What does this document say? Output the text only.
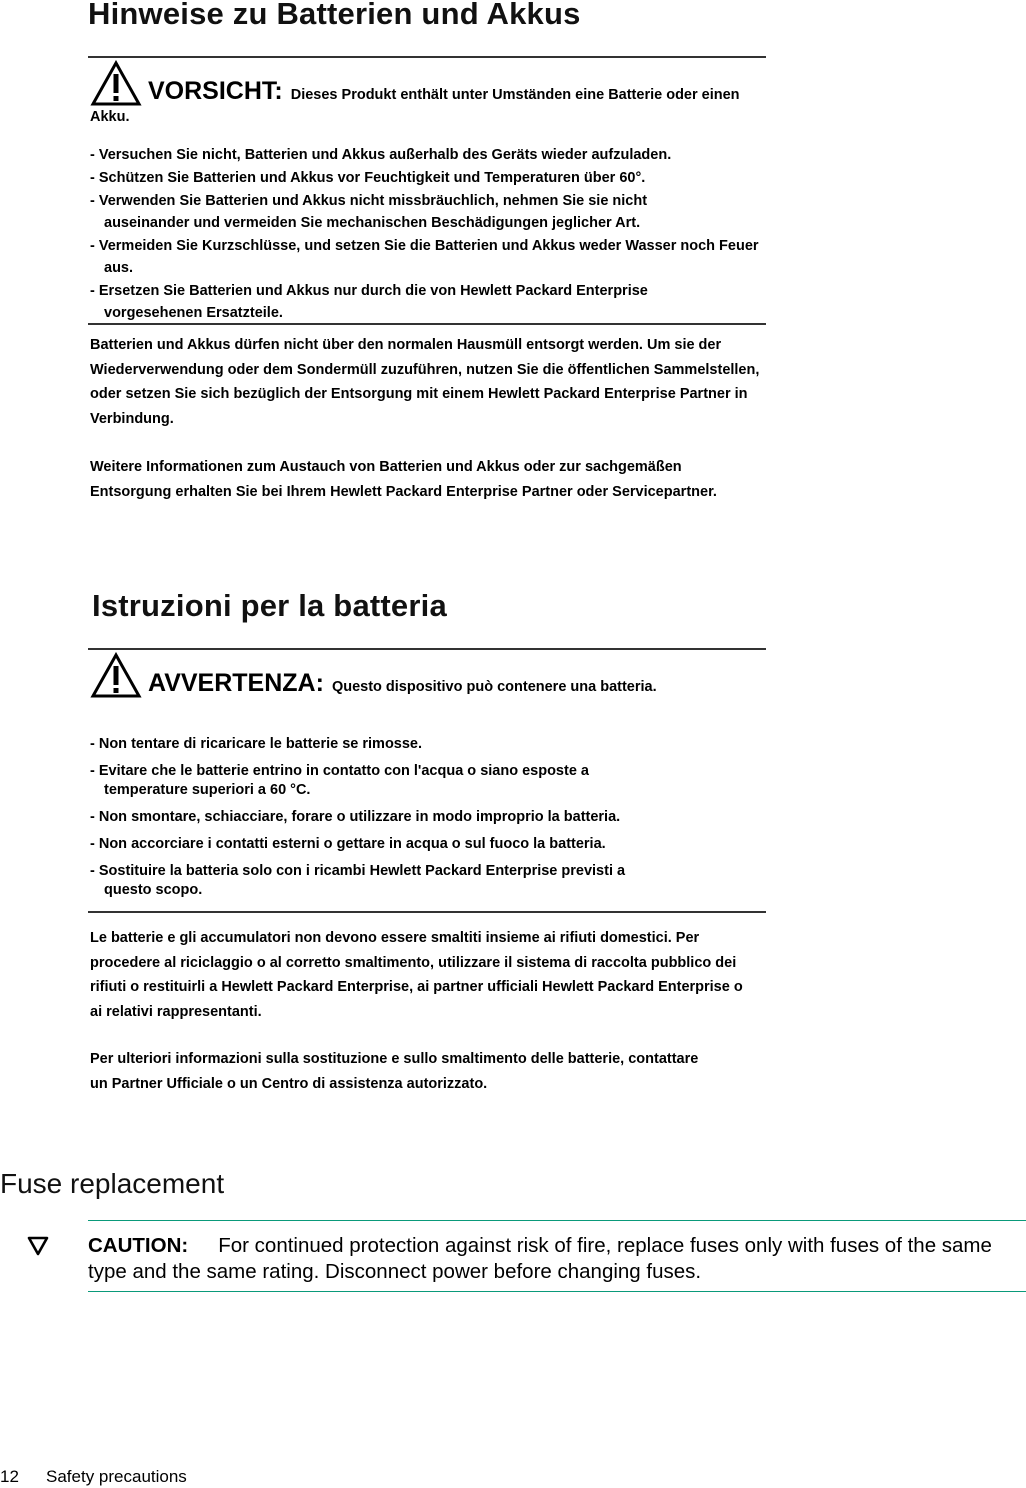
Hinweise zu Batterien und Akkus
VORSICHT: Dieses Produkt enthält unter Umständen eine Batterie oder einen Akku.
- Versuchen Sie nicht, Batterien und Akkus außerhalb des Geräts wieder aufzuladen.
- Schützen Sie Batterien und Akkus vor Feuchtigkeit und Temperaturen über 60°.
- Verwenden Sie Batterien und Akkus nicht missbräuchlich, nehmen Sie sie nicht auseinander und vermeiden Sie mechanischen Beschädigungen jeglicher Art.
- Vermeiden Sie Kurzschlüsse, und setzen Sie die Batterien und Akkus weder Wasser noch Feuer aus.
- Ersetzen Sie Batterien und Akkus nur durch die von Hewlett Packard Enterprise vorgesehenen Ersatzteile.

Batterien und Akkus dürfen nicht über den normalen Hausmüll entsorgt werden. Um sie der Wiederverwendung oder dem Sondermüll zuzuführen, nutzen Sie die öffentlichen Sammelstellen, oder setzen Sie sich bezüglich der Entsorgung mit einem Hewlett Packard Enterprise Partner in Verbindung.

Weitere Informationen zum Austauch von Batterien und Akkus oder zur sachgemäßen Entsorgung erhalten Sie bei Ihrem Hewlett Packard Enterprise Partner oder Servicepartner.

Istruzioni per la batteria
AVVERTENZA: Questo dispositivo può contenere una batteria.
- Non tentare di ricaricare le batterie se rimosse.
- Evitare che le batterie entrino in contatto con l'acqua o siano esposte a temperature superiori a 60 °C.
- Non smontare, schiacciare, forare o utilizzare in modo improprio la batteria.
- Non accorciare i contatti esterni o gettare in acqua o sul fuoco la batteria.
- Sostituire la batteria solo con i ricambi Hewlett Packard Enterprise previsti a questo scopo.

Le batterie e gli accumulatori non devono essere smaltiti insieme ai rifiuti domestici. Per procedere al riciclaggio o al corretto smaltimento, utilizzare il sistema di raccolta pubblico dei rifiuti o restituirli a Hewlett Packard Enterprise, ai partner ufficiali Hewlett Packard Enterprise o ai relativi rappresentanti.

Per ulteriori informazioni sulla sostituzione e sullo smaltimento delle batterie, contattare un Partner Ufficiale o un Centro di assistenza autorizzato.

Fuse replacement
CAUTION: For continued protection against risk of fire, replace fuses only with fuses of the same type and the same rating. Disconnect power before changing fuses.
12 Safety precautions
